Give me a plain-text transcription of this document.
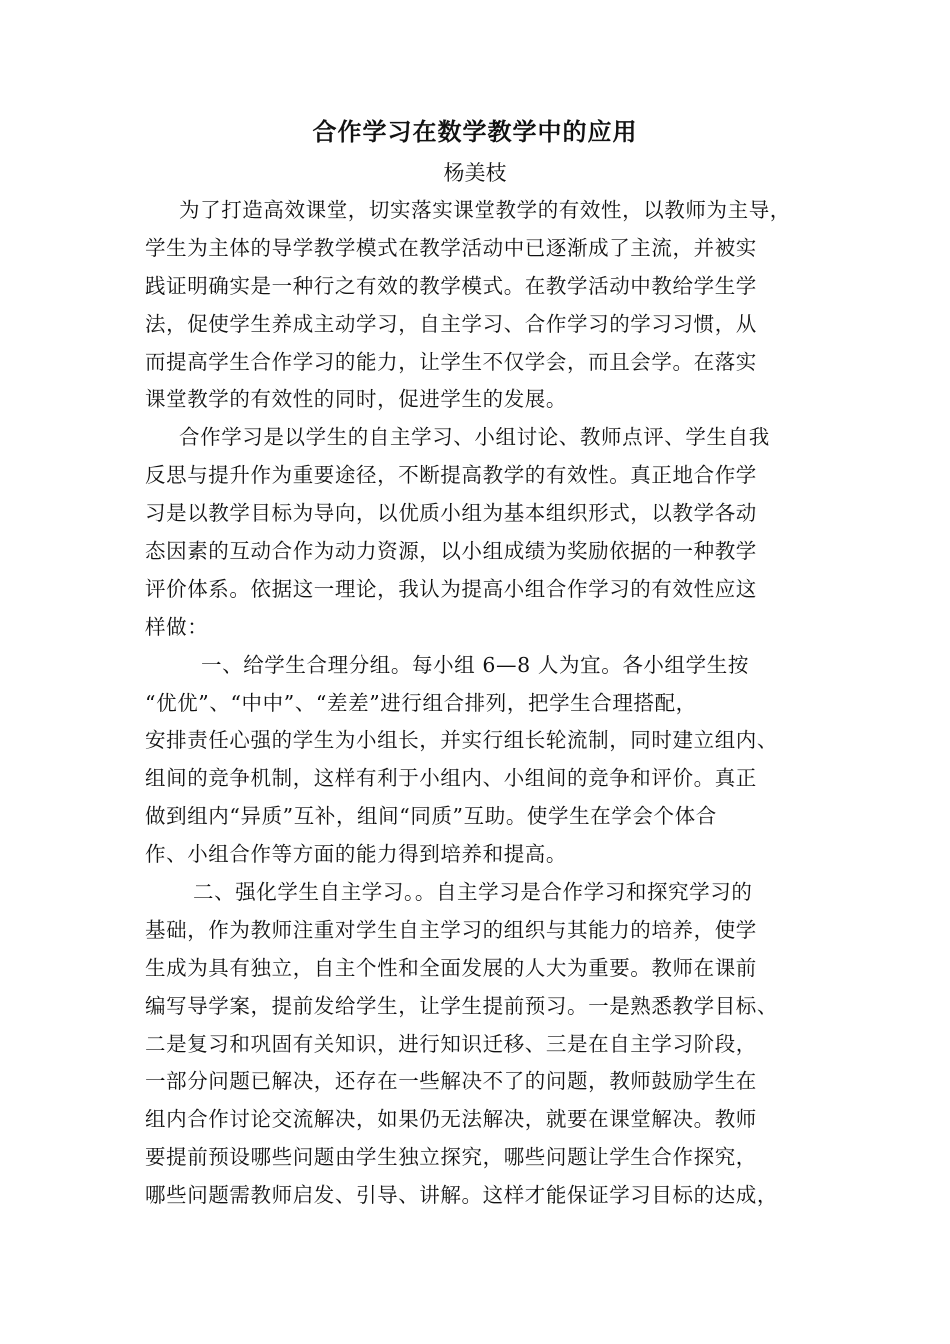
合作学习在数学教学中的应用
杨美枝
为了打造高效课堂，切实落实课堂教学的有效性，以教师为主导，
学生为主体的导学教学模式在教学活动中已逐渐成了主流，并被实
践证明确实是一种行之有效的教学模式。在教学活动中教给学生学
法，促使学生养成主动学习，自主学习、合作学习的学习习惯，从
而提高学生合作学习的能力，让学生不仅学会，而且会学。在落实
课堂教学的有效性的同时，促进学生的发展。
合作学习是以学生的自主学习、小组讨论、教师点评、学生自我
反思与提升作为重要途径，不断提高教学的有效性。真正地合作学
习是以教学目标为导向，以优质小组为基本组织形式，以教学各动
态因素的互动合作为动力资源，以小组成绩为奖励依据的一种教学
评价体系。依据这一理论，我认为提高小组合作学习的有效性应这
样做：
一、给学生合理分组。每小组 6—8 人为宜。各小组学生按
“优优”、“中中”、“差差”进行组合排列，把学生合理搭配，
安排责任心强的学生为小组长，并实行组长轮流制，同时建立组内、
组间的竞争机制，这样有利于小组内、小组间的竞争和评价。真正
做到组内“异质”互补，组间“同质”互助。使学生在学会个体合
作、小组合作等方面的能力得到培养和提高。
二、强化学生自主学习。。自主学习是合作学习和探究学习的
基础，作为教师注重对学生自主学习的组织与其能力的培养，使学
生成为具有独立，自主个性和全面发展的人大为重要。教师在课前
编写导学案，提前发给学生，让学生提前预习。一是熟悉教学目标、
二是复习和巩固有关知识，进行知识迁移、三是在自主学习阶段，
一部分问题已解决，还存在一些解决不了的问题，教师鼓励学生在
组内合作讨论交流解决，如果仍无法解决，就要在课堂解决。教师
要提前预设哪些问题由学生独立探究，哪些问题让学生合作探究，
哪些问题需教师启发、引导、讲解。这样才能保证学习目标的达成，
